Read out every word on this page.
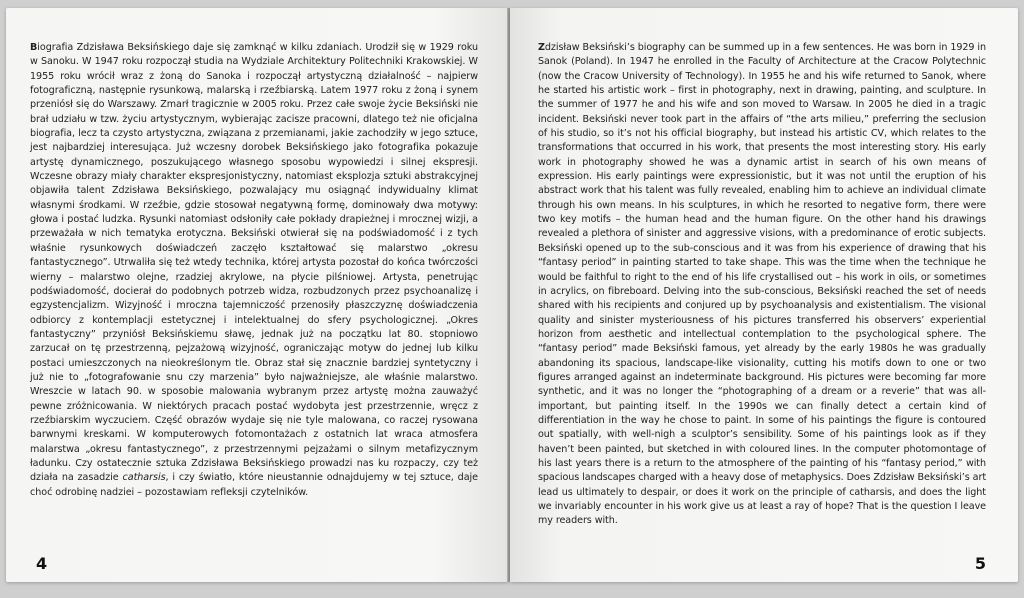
Biografia Zdzisława Beksińskiego daje się zamknąć w kilku zdaniach. Urodził się w 1929 roku w Sanoku. W 1947 roku rozpoczął studia na Wydziale Architektury Politechniki Krakowskiej. W 1955 roku wrócił wraz z żoną do Sanoka i rozpoczął artystyczną działalność – najpierw fotograficzną, następnie rysunkową, malarską i rzeźbiarską. Latem 1977 roku z żoną i synem przeniósł się do Warszawy. Zmarł tragicznie w 2005 roku. Przez całe swoje życie Beksiński nie brał udziału w tzw. życiu artystycznym, wybierając zacisze pracowni, dlatego też nie oficjalna biografia, lecz ta czysto artystyczna, związana z przemianami, jakie zachodziły w jego sztuce, jest najbardziej interesująca. Już wczesny dorobek Beksińskiego jako fotografika pokazuje artystę dynamicznego, poszukującego własnego sposobu wypowiedzi i silnej ekspresji. Wczesne obrazy miały charakter ekspresjonistyczny, natomiast eksplozja sztuki abstrakcyjnej objawiła talent Zdzisława Beksińskiego, pozwalający mu osiągnąć indywidualny klimat własnymi środkami. W rzeźbie, gdzie stosował negatywną formę, dominowały dwa motywy: głowa i postać ludzka. Rysunki natomiast odsłoniły całe pokłady drapieżnej i mrocznej wizji, a przeważała w nich tematyka erotyczna. Beksiński otwierał się na podświadomość i z tych właśnie rysunkowych doświadczeń zaczęło kształtować się malarstwo „okresu fantastycznego”. Utrwaliła się też wtedy technika, której artysta pozostał do końca twórczości wierny – malarstwo olejne, rzadziej akrylowe, na płycie pilśniowej. Artysta, penetrując podświadomość, docierał do podobnych potrzeb widza, rozbudzonych przez psychoanalizę i egzystencjalizm. Wizyjność i mroczna tajemniczość przenosiły płaszczyznę doświadczenia odbiorcy z kontemplacji estetycznej i intelektualnej do sfery psychologicznej. „Okres fantastyczny” przyniósł Beksińskiemu sławę, jednak już na początku lat 80. stopniowo zarzucał on tę przestrzenną, pejzażową wizyjność, ograniczając motyw do jednej lub kilku postaci umieszczonych na nieokreślonym tle. Obraz stał się znacznie bardziej syntetyczny i już nie to „fotografowanie snu czy marzenia” było najważniejsze, ale właśnie malarstwo. Wreszcie w latach 90. w sposobie malowania wybranym przez artystę można zauważyć pewne zróżnicowania. W niektórych pracach postać wydobyta jest przestrzennie, wręcz z rzeźbiarskim wyczuciem. Część obrazów wydaje się nie tyle malowana, co raczej rysowana barwnymi kreskami. W komputerowych fotomontażach z ostatnich lat wraca atmosfera malarstwa „okresu fantastycznego”, z przestrzennymi pejzażami o silnym metafizycznym ładunku. Czy ostatecznie sztuka Zdzisława Beksińskiego prowadzi nas ku rozpaczy, czy też działa na zasadzie catharsis, i czy światło, które nieustannie odnajdujemy w tej sztuce, daje choć odrobinę nadziei – pozostawiam refleksji czytelników.
4
Zdzisław Beksiński’s biography can be summed up in a few sentences. He was born in 1929 in Sanok (Poland). In 1947 he enrolled in the Faculty of Architecture at the Cracow Polytechnic (now the Cracow University of Technology). In 1955 he and his wife returned to Sanok, where he started his artistic work – first in photography, next in drawing, painting, and sculpture. In the summer of 1977 he and his wife and son moved to Warsaw. In 2005 he died in a tragic incident. Beksiński never took part in the affairs of “the arts milieu,” preferring the seclusion of his studio, so it’s not his official biography, but instead his artistic CV, which relates to the transformations that occurred in his work, that presents the most interesting story. His early work in photography showed he was a dynamic artist in search of his own means of expression. His early paintings were expressionistic, but it was not until the eruption of his abstract work that his talent was fully revealed, enabling him to achieve an individual climate through his own means. In his sculptures, in which he resorted to negative form, there were two key motifs – the human head and the human figure. On the other hand his drawings revealed a plethora of sinister and aggressive visions, with a predominance of erotic subjects. Beksiński opened up to the sub-conscious and it was from his experience of drawing that his “fantasy period” in painting started to take shape. This was the time when the technique he would be faithful to right to the end of his life crystallised out – his work in oils, or sometimes in acrylics, on fibreboard. Delving into the sub-conscious, Beksiński reached the set of needs shared with his recipients and conjured up by psychoanalysis and existentialism. The visional quality and sinister mysteriousness of his pictures transferred his observers’ experiential horizon from aesthetic and intellectual contemplation to the psychological sphere. The “fantasy period” made Beksiński famous, yet already by the early 1980s he was gradually abandoning its spacious, landscape-like visionality, cutting his motifs down to one or two figures arranged against an indeterminate background. His pictures were becoming far more synthetic, and it was no longer the “photographing of a dream or a reverie” that was all-important, but painting itself. In the 1990s we can finally detect a certain kind of differentiation in the way he chose to paint. In some of his paintings the figure is contoured out spatially, with well-nigh a sculptor’s sensibility. Some of his paintings look as if they haven’t been painted, but sketched in with coloured lines. In the computer photomontage of his last years there is a return to the atmosphere of the painting of his “fantasy period,” with spacious landscapes charged with a heavy dose of metaphysics. Does Zdzisław Beksiński’s art lead us ultimately to despair, or does it work on the principle of catharsis, and does the light we invariably encounter in his work give us at least a ray of hope? That is the question I leave my readers with.
5
